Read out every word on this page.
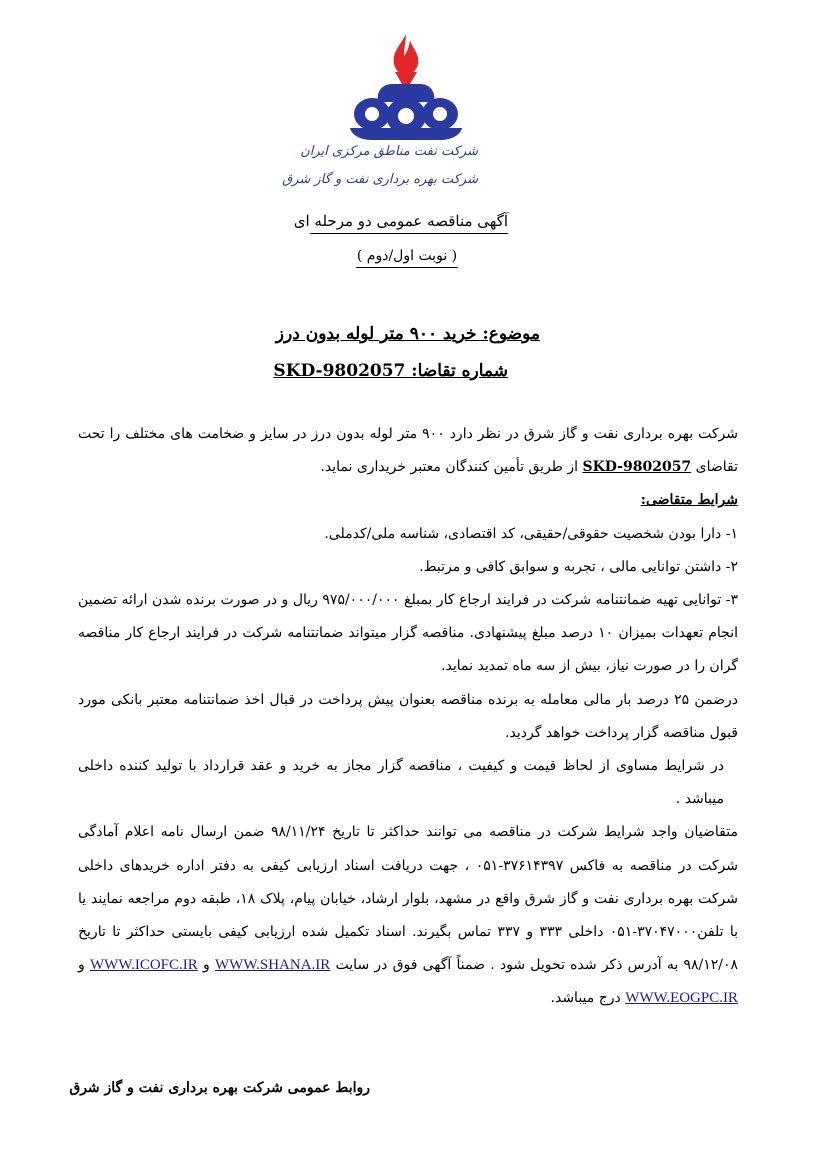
شرکت نفت مناطق مرکزی ایران
شرکت بهره برداری نفت و گاز شرق
آگهی مناقصه عمومی دو مرحله ای
( نوبت اول/دوم )
موضوع: خرید ۹۰۰ متر لوله بدون درز
شماره تقاضا: SKD-9802057

شرکت بهره برداری نفت و گاز شرق در نظر دارد ۹۰۰ متر لوله بدون درز در سایز و ضخامت های مختلف را تحت تقاضای SKD-9802057 از طریق تأمین کنندگان معتبر خریداری نماید.

شرایط متقاضی:

۱- دارا بودن شخصیت حقوقی/حقیقی، کد اقتصادی، شناسه ملی/کدملی.

۲- داشتن توانایی مالی ، تجربه و سوابق کافی و مرتبط.

۳- توانایی تهیه ضمانتنامه شرکت در فرایند ارجاع کار بمبلغ ۹۷۵/۰۰۰/۰۰۰ ریال و در صورت برنده شدن ارائه تضمین انجام تعهدات بمیزان ۱۰ درصد مبلغ پیشنهادی. مناقصه گزار میتواند ضمانتنامه شرکت در فرایند ارجاع کار مناقصه گران را در صورت نیاز، بیش از سه ماه تمدید نماید.

درضمن ۲۵ درصد بار مالی معامله به برنده مناقصه بعنوان پیش پرداخت در قبال اخذ ضمانتنامه معتبر بانکی مورد قبول مناقصه گزار پرداخت خواهد گردید.

در شرایط مساوی از لحاظ قیمت و کیفیت ، مناقصه گزار مجاز به خرید و عقد قرارداد با تولید کننده داخلی میباشد .

متقاضیان واجد شرایط شرکت در مناقصه می توانند حداکثر تا تاریخ ۹۸/۱۱/۲۴ ضمن ارسال نامه اعلام آمادگی شرکت در مناقصه به فاکس ۳۷۶۱۴۳۹۷-۰۵۱ ، جهت دریافت اسناد ارزیابی کیفی به دفتر اداره خریدهای داخلی شرکت بهره برداری نفت و گاز شرق واقع در مشهد، بلوار ارشاد، خیابان پیام، پلاک ۱۸، طبقه دوم مراجعه نمایند یا با تلفن۳۷۰۴۷۰۰۰-۰۵۱ داخلی ۳۳۳ و ۳۳۷ تماس بگیرند. اسناد تکمیل شده ارزیابی کیفی بایستی حداکثر تا تاریخ ۹۸/۱۲/۰۸ به آدرس ذکر شده تحویل شود . ضمناً آگهی فوق در سایت WWW.SHANA.IR و WWW.ICOFC.IR و WWW.EOGPC.IR درج میباشد.

روابط عمومی شرکت بهره برداری نفت و گاز شرق
